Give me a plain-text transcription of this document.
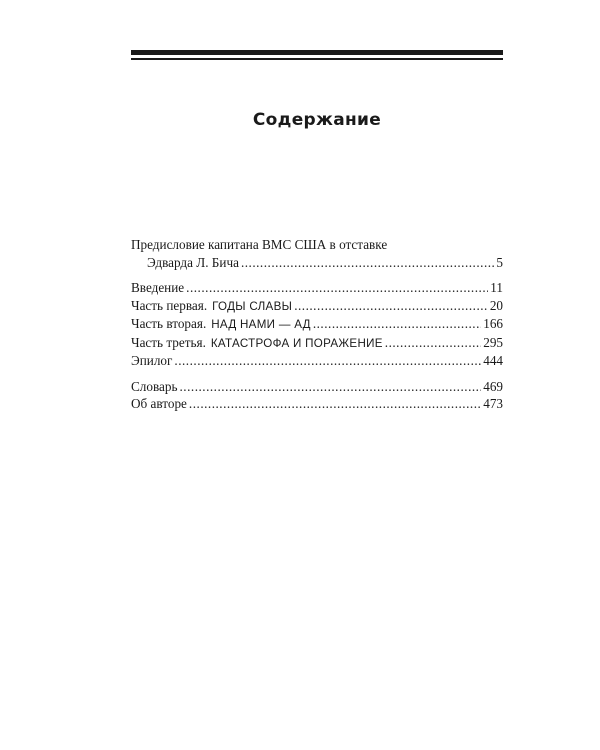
Содержание
Предисловие капитана ВМС США в отставке
Эдварда Л. Бича .....	5
Введение .....	11
Часть первая. ГОДЫ СЛАВЫ .....	20
Часть вторая. НАД НАМИ — АД .....	166
Часть третья. КАТАСТРОФА И ПОРАЖЕНИЕ .....	295
Эпилог .....	444
Словарь .....	469
Об авторе .....	473
